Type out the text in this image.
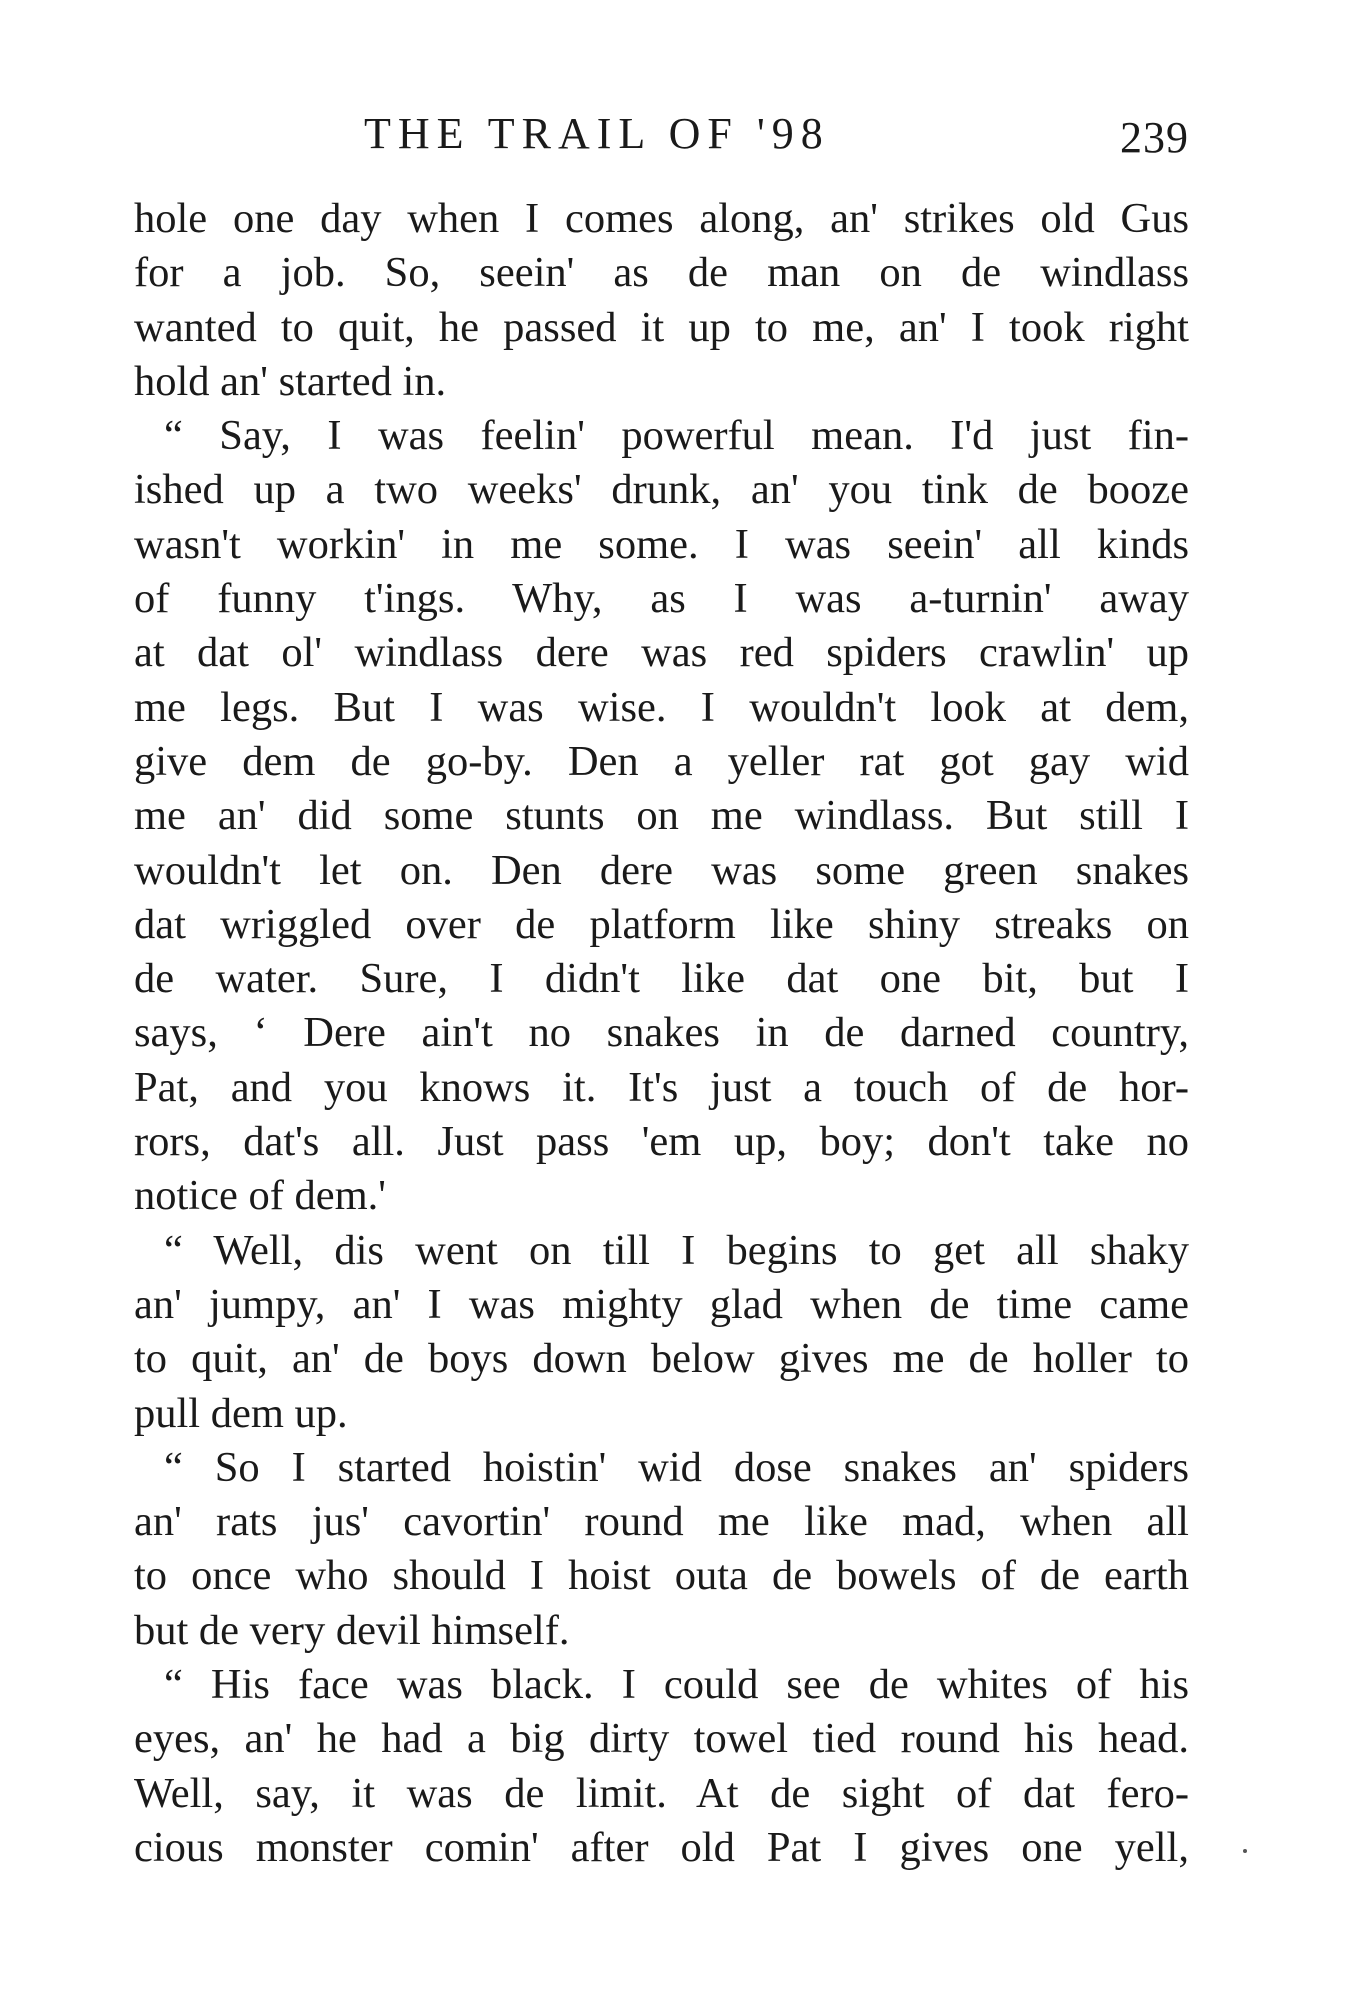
THE TRAIL OF '98	239
hole one day when I comes along, an' strikes old Gus
for a job. So, seein' as de man on de windlass
wanted to quit, he passed it up to me, an' I took right
hold an' started in.
“ Say, I was feelin' powerful mean. I'd just fin-
ished up a two weeks' drunk, an' you tink de booze
wasn't workin' in me some. I was seein' all kinds
of funny t'ings. Why, as I was a-turnin' away
at dat ol' windlass dere was red spiders crawlin' up
me legs. But I was wise. I wouldn't look at dem,
give dem de go-by. Den a yeller rat got gay wid
me an' did some stunts on me windlass. But still I
wouldn't let on. Den dere was some green snakes
dat wriggled over de platform like shiny streaks on
de water. Sure, I didn't like dat one bit, but I
says, ‘ Dere ain't no snakes in de darned country,
Pat, and you knows it. It's just a touch of de hor-
rors, dat's all. Just pass 'em up, boy; don't take no
notice of dem.'
“ Well, dis went on till I begins to get all shaky
an' jumpy, an' I was mighty glad when de time came
to quit, an' de boys down below gives me de holler to
pull dem up.
“ So I started hoistin' wid dose snakes an' spiders
an' rats jus' cavortin' round me like mad, when all
to once who should I hoist outa de bowels of de earth
but de very devil himself.
“ His face was black. I could see de whites of his
eyes, an' he had a big dirty towel tied round his head.
Well, say, it was de limit. At de sight of dat fero-
cious monster comin' after old Pat I gives one yell,
